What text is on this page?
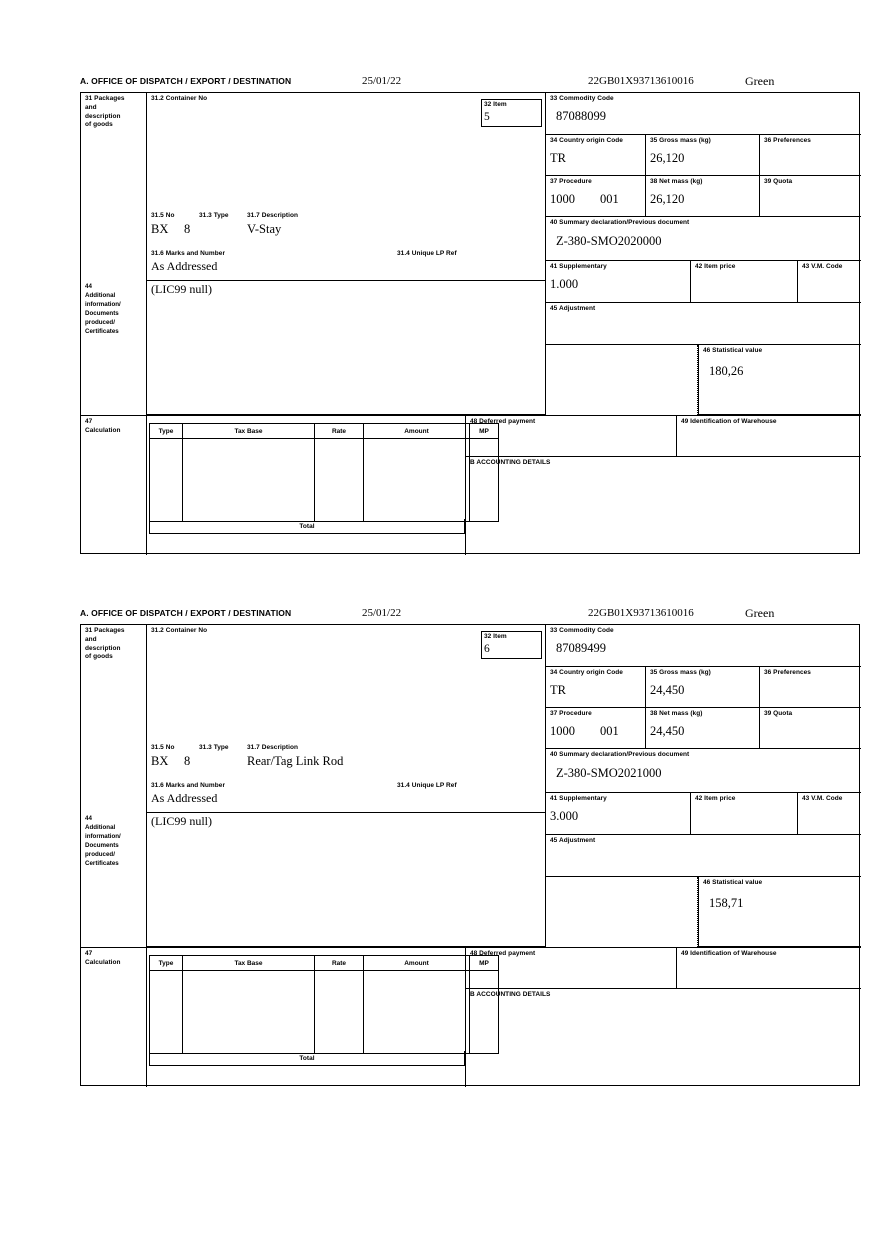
A. OFFICE OF DISPATCH / EXPORT / DESTINATION	25/01/22	22GB01X93713610016	Green
31 Packages
and
description
of goods
31.2 Container No
31.5 No	31.3 Type	31.7 Description
BX 8	V-Stay
31.6 Marks and Number	31.4 Unique LP Ref
As Addressed
32 Item
5
33 Commodity Code
87088099
34 Country origin Code
TR
35 Gross mass (kg)
26,120
36 Preferences
37 Procedure
1000 001
38 Net mass (kg)
26,120
39 Quota
40 Summary declaration/Previous document
Z-380-SMO2020000
41 Supplementary
1.000
42 Item price	43 V.M. Code
44
Additional
information/
Documents
produced/
Certificates
(LIC99 null)
45 Adjustment
46 Statistical value
180,26
47
Calculation	Type	Tax Base	Rate	Amount	MP

Total
48 Deferred payment	49 Identification of Warehouse
B ACCOUNTING DETAILS
A. OFFICE OF DISPATCH / EXPORT / DESTINATION	25/01/22	22GB01X93713610016	Green
31 Packages
and
description
of goods
31.2 Container No
31.5 No	31.3 Type	31.7 Description
BX 8	Rear/Tag Link Rod
31.6 Marks and Number	31.4 Unique LP Ref
As Addressed
32 Item
6
33 Commodity Code
87089499
34 Country origin Code
TR
35 Gross mass (kg)
24,450
36 Preferences
37 Procedure
1000 001
38 Net mass (kg)
24,450
39 Quota
40 Summary declaration/Previous document
Z-380-SMO2021000
41 Supplementary
3.000
42 Item price	43 V.M. Code
44
Additional
information/
Documents
produced/
Certificates
(LIC99 null)
45 Adjustment
46 Statistical value
158,71
47
Calculation	Type	Tax Base	Rate	Amount	MP

Total
48 Deferred payment	49 Identification of Warehouse
B ACCOUNTING DETAILS
